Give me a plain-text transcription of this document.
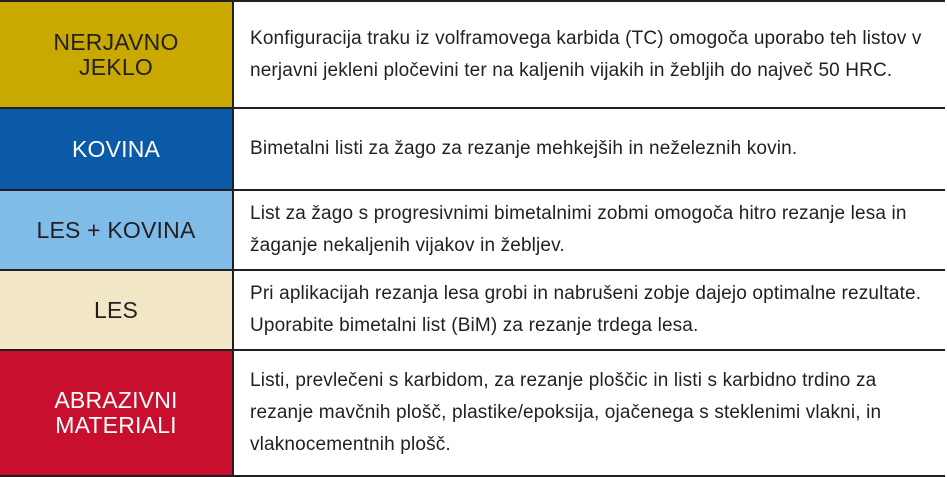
NERJAVNO
JEKLO
Konfiguracija traku iz volframovega karbida (TC) omogoča uporabo teh listov v nerjavni jekleni pločevini ter na kaljenih vijakih in žebljih do največ 50 HRC.
KOVINA	Bimetalni listi za žago za rezanje mehkejših in neželeznih kovin.
LES + KOVINA
List za žago s progresivnimi bimetalnimi zobmi omogoča hitro rezanje lesa in žaganje nekaljenih vijakov in žebljev.
LES
Pri aplikacijah rezanja lesa grobi in nabrušeni zobje dajejo optimalne rezultate. Uporabite bimetalni list (BiM) za rezanje trdega lesa.
ABRAZIVNI
MATERIALI
Listi, prevlečeni s karbidom, za rezanje ploščic in listi s karbidno trdino za rezanje mavčnih plošč, plastike/epoksija, ojačenega s steklenimi vlakni, in vlaknocementnih plošč.
